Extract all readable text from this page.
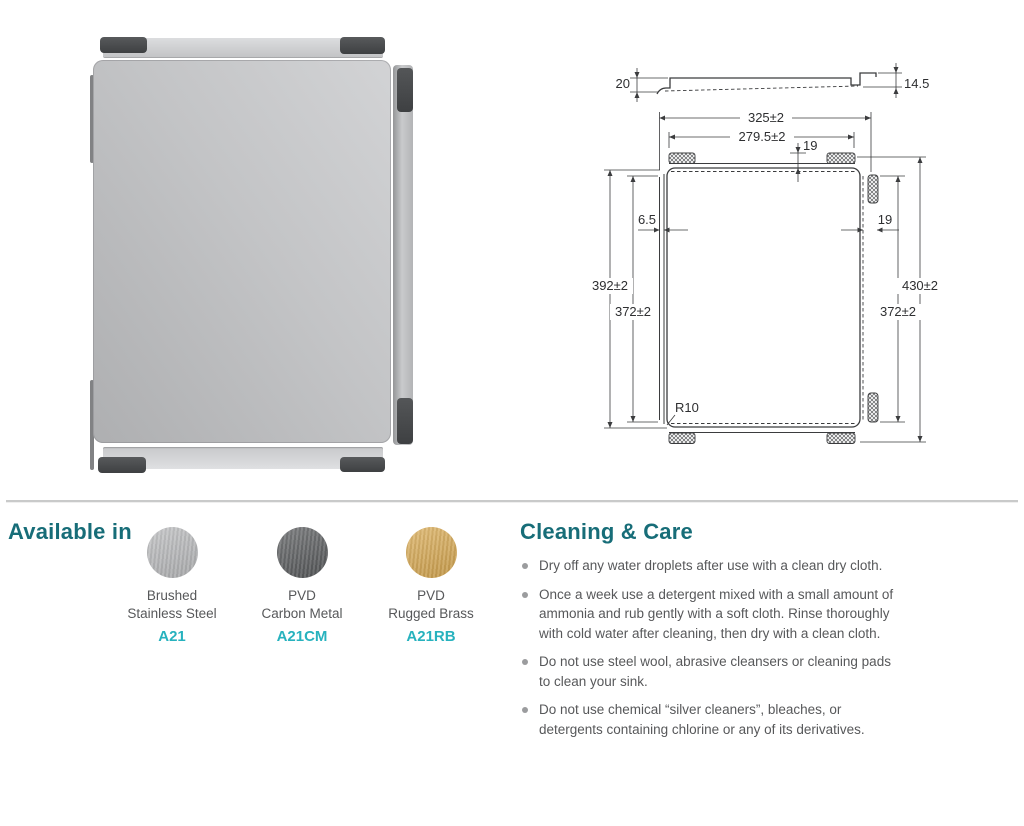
20	14.5
325±2
279.5±2
19
392±2
372±2
6.5
430±2
372±2
19
R10
Available in
Brushed
Stainless Steel
A21
PVD
Carbon Metal
A21CM
PVD
Rugged Brass
A21RB
Cleaning & Care
Dry off any water droplets after use with a clean dry cloth.
Once a week use a detergent mixed with a small amount of ammonia and rub gently with a soft cloth. Rinse thoroughly with cold water after cleaning, then dry with a clean cloth.
Do not use steel wool, abrasive cleansers or cleaning pads to clean your sink.
Do not use chemical “silver cleaners”, bleaches, or detergents containing chlorine or any of its derivatives.
